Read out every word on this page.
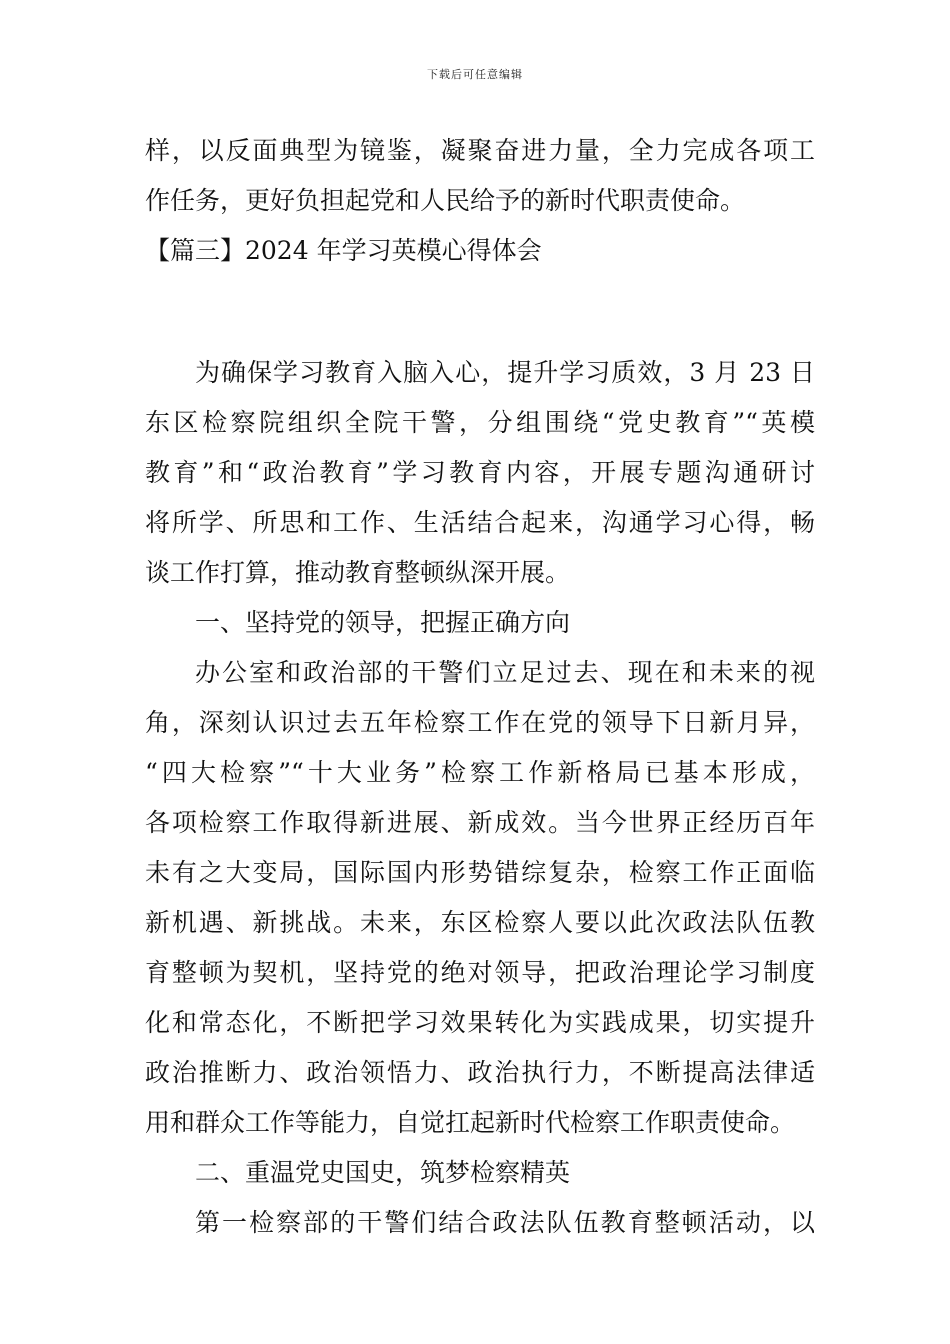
下载后可任意编辑
样，以反面典型为镜鉴，凝聚奋进力量，全力完成各项工
作任务，更好负担起党和人民给予的新时代职责使命。
【篇三】2024 年学习英模心得体会
为确保学习教育入脑入心，提升学习质效，3 月 23 日
东区检察院组织全院干警，分组围绕“党史教育”“英模
教育”和“政治教育”学习教育内容，开展专题沟通研讨
将所学、所思和工作、生活结合起来，沟通学习心得，畅
谈工作打算，推动教育整顿纵深开展。
一、坚持党的领导，把握正确方向
办公室和政治部的干警们立足过去、现在和未来的视
角，深刻认识过去五年检察工作在党的领导下日新月异，
“四大检察”“十大业务”检察工作新格局已基本形成，
各项检察工作取得新进展、新成效。当今世界正经历百年
未有之大变局，国际国内形势错综复杂，检察工作正面临
新机遇、新挑战。未来，东区检察人要以此次政法队伍教
育整顿为契机，坚持党的绝对领导，把政治理论学习制度
化和常态化，不断把学习效果转化为实践成果，切实提升
政治推断力、政治领悟力、政治执行力，不断提高法律适
用和群众工作等能力，自觉扛起新时代检察工作职责使命。
二、重温党史国史，筑梦检察精英
第一检察部的干警们结合政法队伍教育整顿活动，以
